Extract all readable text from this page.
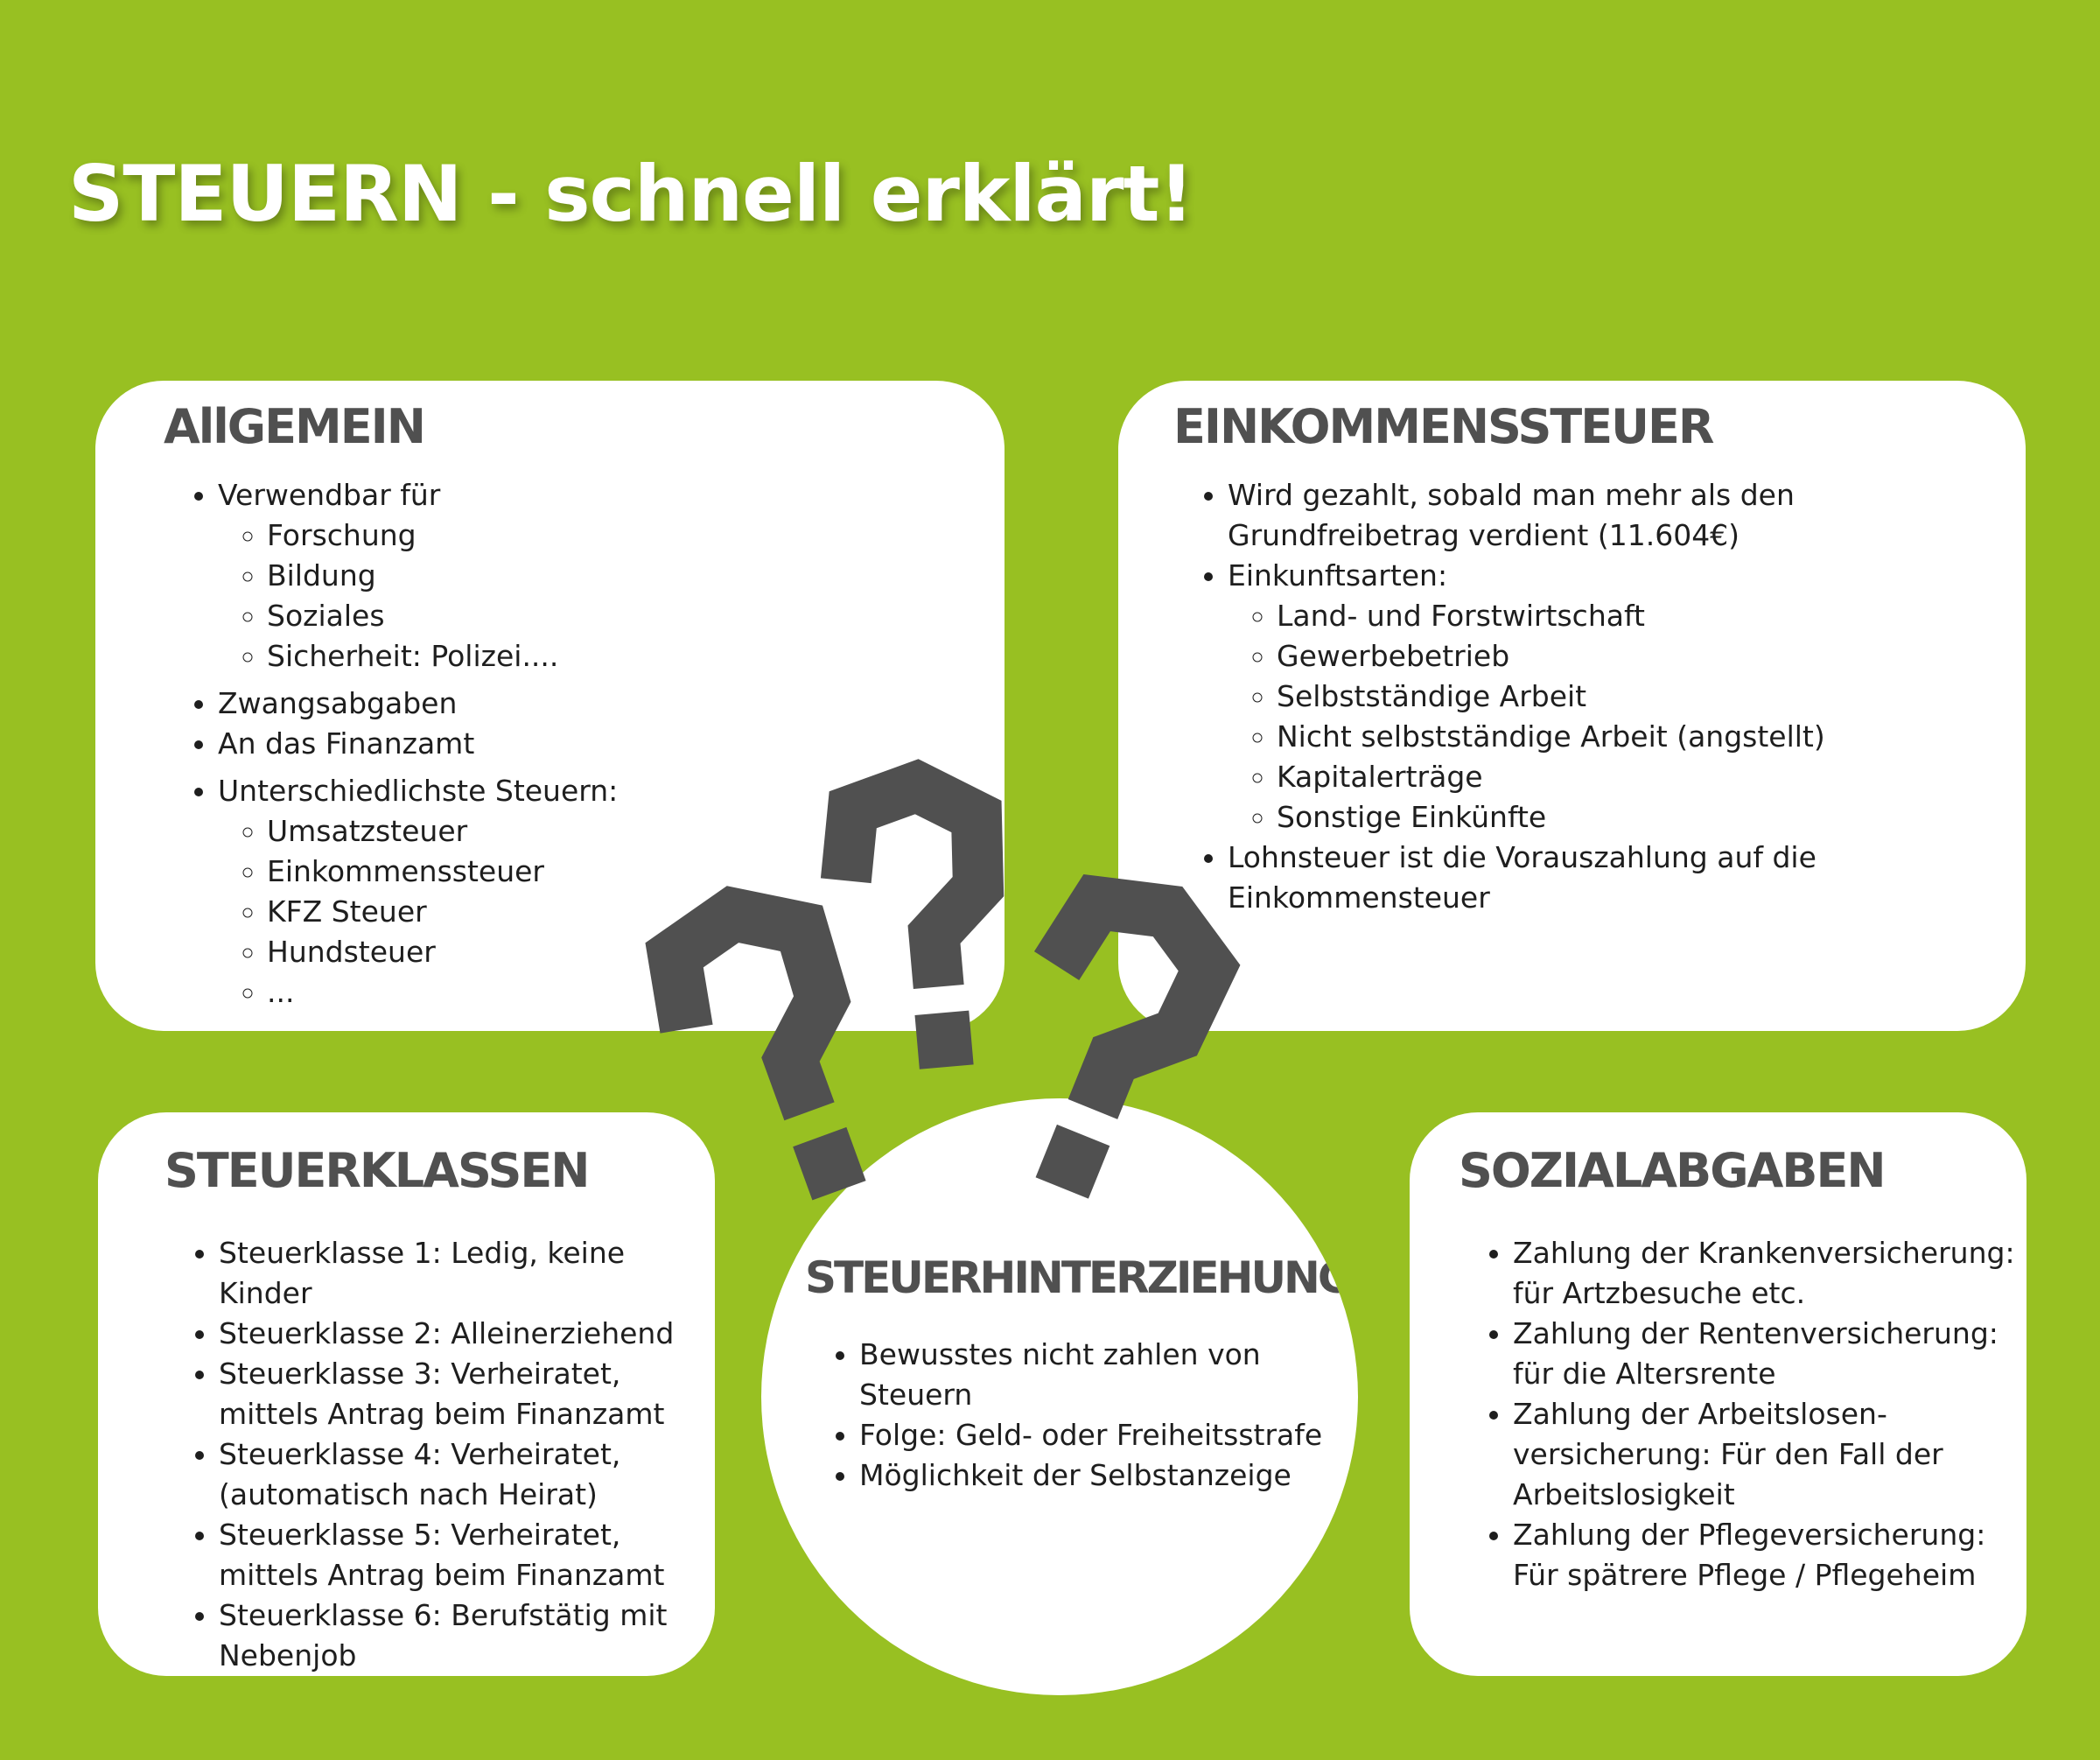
STEUERN - schnell erklärt!
AllGEMEIN
• Verwendbar für
◦ Forschung
◦ Bildung
◦ Soziales
◦ Sicherheit: Polizei....
• Zwangsabgaben
• An das Finanzamt
• Unterschiedlichste Steuern:
◦ Umsatzsteuer
◦ Einkommenssteuer
◦ KFZ Steuer
◦ Hundsteuer
◦ ...
EINKOMMENSSTEUER
• Wird gezahlt, sobald man mehr als den Grundfreibetrag verdient (11.604€)
• Einkunftsarten:
◦ Land- und Forstwirtschaft
◦ Gewerbebetrieb
◦ Selbstständige Arbeit
◦ Nicht selbstständige Arbeit (angstellt)
◦ Kapitalerträge
◦ Sonstige Einkünfte
• Lohnsteuer ist die Vorauszahlung auf die Einkommensteuer
STEUERKLASSEN
• Steuerklasse 1: Ledig, keine Kinder
• Steuerklasse 2: Alleinerziehend
• Steuerklasse 3: Verheiratet, mittels Antrag beim Finanzamt
• Steuerklasse 4: Verheiratet, (automatisch nach Heirat)
• Steuerklasse 5: Verheiratet, mittels Antrag beim Finanzamt
• Steuerklasse 6: Berufstätig mit Nebenjob
SOZIALABGABEN
• Zahlung der Krankenversicherung: für Artzbesuche etc.
• Zahlung der Rentenversicherung: für die Altersrente
• Zahlung der Arbeitslosen-versicherung: Für den Fall der Arbeitslosigkeit
• Zahlung der Pflegeversicherung: Für spätrere Pflege / Pflegeheim
STEUERHINTERZIEHUNG
• Bewusstes nicht zahlen von Steuern
• Folge: Geld- oder Freiheitsstrafe
• Möglichkeit der Selbstanzeige
